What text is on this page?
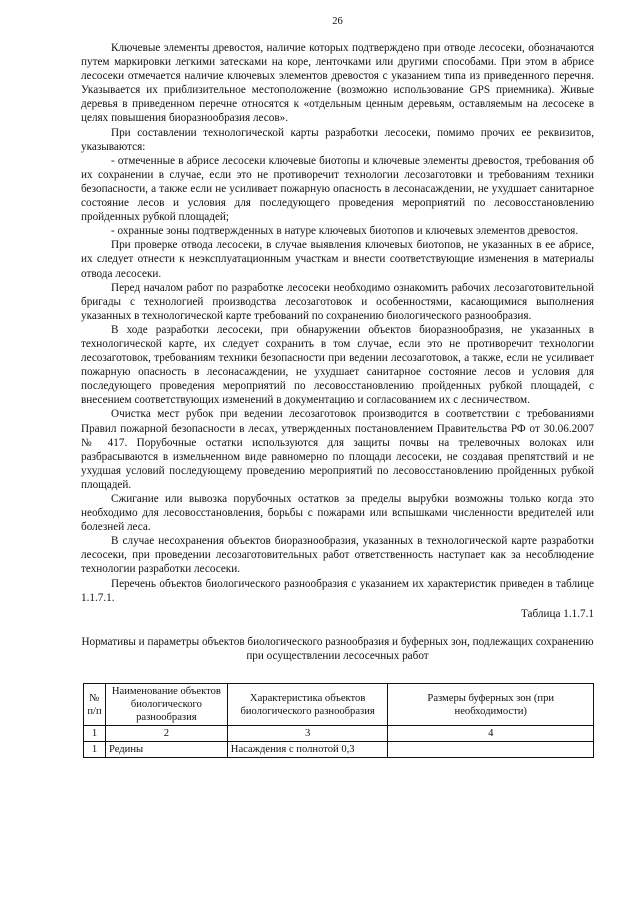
26

Ключевые элементы древостоя, наличие которых подтверждено при отводе лесосеки, обозначаются путем маркировки легкими затесками на коре, ленточками или другими способами. При этом в абрисе лесосеки отмечается наличие ключевых элементов древостоя с указанием типа из приведенного перечня. Указывается их приблизительное местоположение (возможно использование GPS приемника). Живые деревья в приведенном перечне относятся к «отдельным ценным деревьям, оставляемым на лесосеке в целях повышения биоразнообразия лесов».

При составлении технологической карты разработки лесосеки, помимо прочих ее реквизитов, указываются:

- отмеченные в абрисе лесосеки ключевые биотопы и ключевые элементы древостоя, требования об их сохранении в случае, если это не противоречит технологии лесозаготовки и требованиям техники безопасности, а также если не усиливает пожарную опасность в лесонасаждении, не ухудшает санитарное состояние лесов и условия для последующего проведения мероприятий по лесовосстановлению пройденных рубкой площадей;

- охранные зоны подтвержденных в натуре ключевых биотопов и ключевых элементов древостоя.

При проверке отвода лесосеки, в случае выявления ключевых биотопов, не указанных в ее абрисе, их следует отнести к неэксплуатационным участкам и внести соответствующие изменения в материалы отвода лесосеки.

Перед началом работ по разработке лесосеки необходимо ознакомить рабочих лесозаготовительной бригады с технологией производства лесозаготовок и особенностями, касающимися выполнения указанных в технологической карте требований по сохранению биологического разнообразия.

В ходе разработки лесосеки, при обнаружении объектов биоразнообразия, не указанных в технологической карте, их следует сохранить в том случае, если это не противоречит технологии лесозаготовок, требованиям техники безопасности при ведении лесозаготовок, а также, если не усиливает пожарную опасность в лесонасаждении, не ухудшает санитарное состояние лесов и условия для последующего проведения мероприятий по лесовосстановлению пройденных рубкой площадей, с внесением соответствующих изменений в документацию и согласованием их с лесничеством.

Очистка мест рубок при ведении лесозаготовок производится в соответствии с требованиями Правил пожарной безопасности в лесах, утвержденных постановлением Правительства РФ от 30.06.2007 № 417. Порубочные остатки используются для защиты почвы на трелевочных волоках или разбрасываются в измельченном виде равномерно по площади лесосеки, не создавая препятствий и не ухудшая условий последующему проведению мероприятий по лесовосстановлению пройденных рубкой площадей.

Сжигание или вывозка порубочных остатков за пределы вырубки возможны только когда это необходимо для лесовосстановления, борьбы с пожарами или вспышками численности вредителей или болезней леса.

В случае несохранения объектов биоразнообразия, указанных в технологической карте разработки лесосеки, при проведении лесозаготовительных работ ответственность наступает как за несоблюдение технологии разработки лесосеки.

Перечень объектов биологического разнообразия с указанием их характеристик приведен в таблице 1.1.7.1.

Таблица 1.1.7.1
Нормативы и параметры объектов биологического разнообразия и буферных зон, подлежащих сохранению при осуществлении лесосечных работ
№ п/п	Наименование объектов биологического разнообразия	Характеристика объектов биологического разнообразия	Размеры буферных зон (при необходимости)
1	2	3	4
1	Редины	Насаждения с полнотой 0,3	
